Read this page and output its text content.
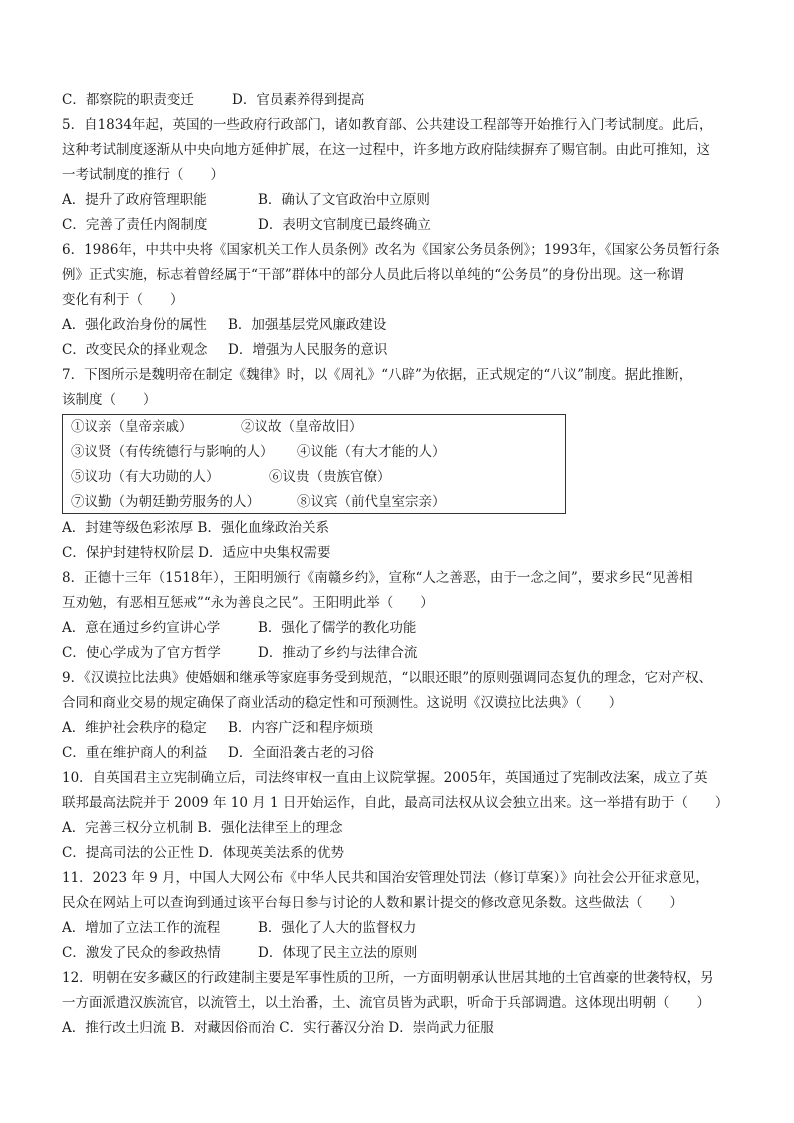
C．都察院的职责变迁	D．官员素养得到提高
5．自1834年起，英国的一些政府行政部门，诸如教育部、公共建设工程部等开始推行入门考试制度。此后，
这种考试制度逐渐从中央向地方延伸扩展，在这一过程中，许多地方政府陆续摒弃了赐官制。由此可推知，这
一考试制度的推行（　　）
A．提升了政府管理职能	B．确认了文官政治中立原则
C．完善了责任内阁制度	D．表明文官制度已最终确立
6．1986年，中共中央将《国家机关工作人员条例》改名为《国家公务员条例》；1993年，《国家公务员暂行条
例》正式实施，标志着曾经属于“干部”群体中的部分人员此后将以单纯的“公务员”的身份出现。这一称谓
变化有利于（　　）
A．强化政治身份的属性	B．加强基层党风廉政建设
C．改变民众的择业观念	D．增强为人民服务的意识
7．下图所示是魏明帝在制定《魏律》时，以《周礼》“八辟”为依据，正式规定的“八议”制度。据此推断，
该制度（　　）
①议亲（皇帝亲戚）	②议故（皇帝故旧）
③议贤（有传统德行与影响的人）	④议能（有大才能的人）
⑤议功（有大功勋的人）	⑥议贵（贵族官僚）
⑦议勤（为朝廷勤劳服务的人）	⑧议宾（前代皇室宗亲）
A．封建等级色彩浓厚 B．强化血缘政治关系
C．保护封建特权阶层 D．适应中央集权需要
8．正德十三年（1518年），王阳明颁行《南赣乡约》，宣称“人之善恶，由于一念之间”，要求乡民“见善相
互劝勉，有恶相互惩戒”“永为善良之民”。王阳明此举（　　）
A．意在通过乡约宣讲心学	B．强化了儒学的教化功能
C．使心学成为了官方哲学	D．推动了乡约与法律合流
9．《汉谟拉比法典》使婚姻和继承等家庭事务受到规范，“以眼还眼”的原则强调同态复仇的理念，它对产权、
合同和商业交易的规定确保了商业活动的稳定性和可预测性。这说明《汉谟拉比法典》（　　）
A．维护社会秩序的稳定	B．内容广泛和程序烦琐
C．重在维护商人的利益	D．全面沿袭古老的习俗
10．自英国君主立宪制确立后，司法终审权一直由上议院掌握。2005年，英国通过了宪制改法案，成立了英
联邦最高法院并于 2009 年 10 月 1 日开始运作，自此，最高司法权从议会独立出来。这一举措有助于（　　）
A．完善三权分立机制 B．强化法律至上的理念
C．提高司法的公正性 D．体现英美法系的优势
11．2023 年 9 月，中国人大网公布《中华人民共和国治安管理处罚法（修订草案）》向社会公开征求意见，
民众在网站上可以查询到通过该平台每日参与讨论的人数和累计提交的修改意见条数。这些做法（　　）
A．增加了立法工作的流程	B．强化了人大的监督权力
C．激发了民众的参政热情	D．体现了民主立法的原则
12．明朝在安多藏区的行政建制主要是军事性质的卫所，一方面明朝承认世居其地的土官酋豪的世袭特权，另
一方面派遣汉族流官，以流管土，以土治番，土、流官员皆为武职，听命于兵部调遣。这体现出明朝（　　）
A．推行改土归流 B．对藏因俗而治 C．实行蕃汉分治 D．崇尚武力征服
